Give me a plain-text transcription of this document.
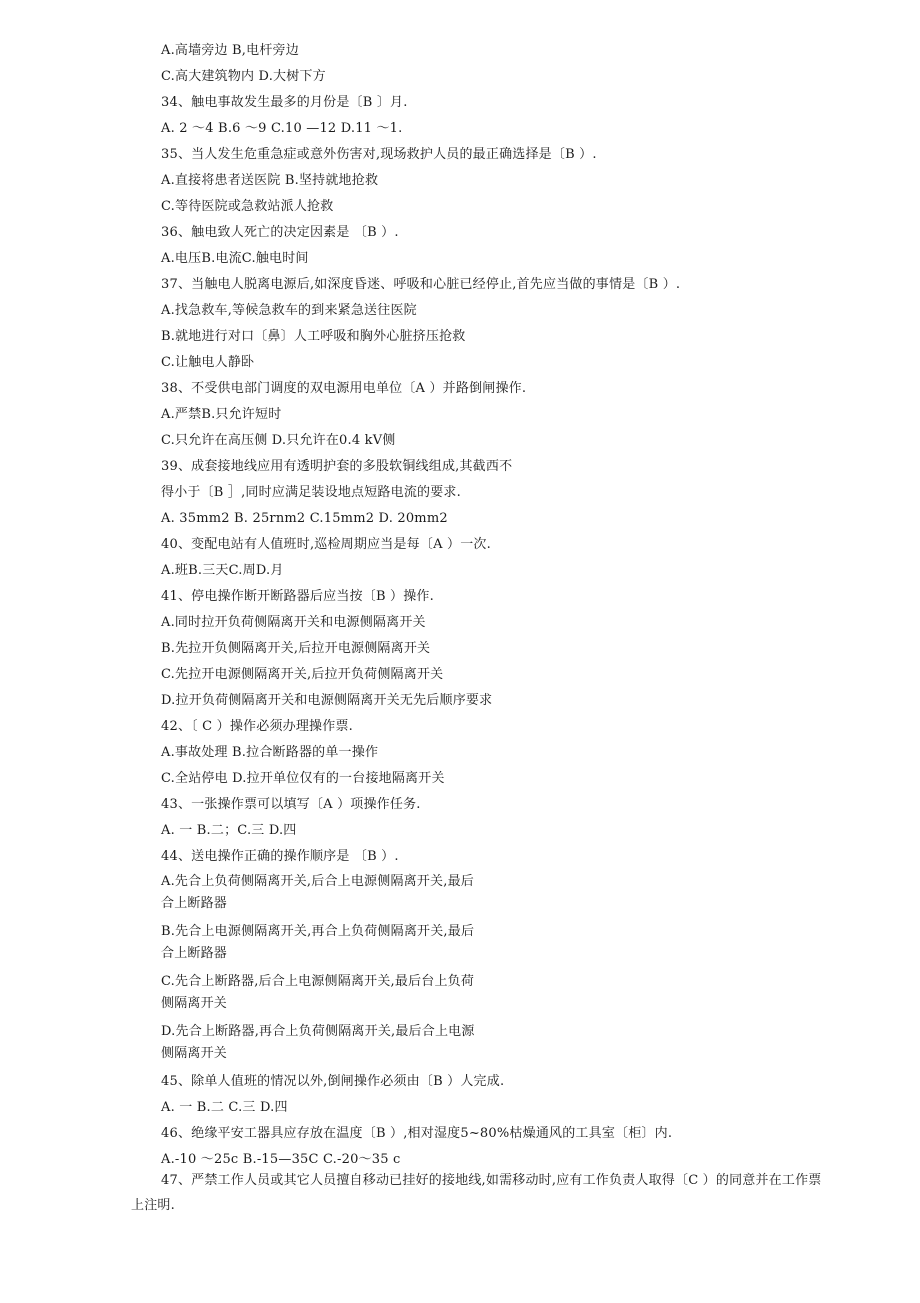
A.高墙旁边 B,电杆旁边
C.高大建筑物内 D.大树下方
34、触电事故发生最多的月份是〔B 〕月.
A. 2 ～4 B.6 ～9 C.10 —12 D.11 ～1.
35、当人发生危重急症或意外伤害对,现场救护人员的最正确选择是〔B ）.
A.直接将患者送医院 B.坚持就地抢救
C.等待医院或急救站派人抢救
36、触电致人死亡的决定因素是 〔B ）.
A.电压B.电流C.触电时间
37、当触电人脱离电源后,如深度昏迷、呼吸和心脏已经停止,首先应当做的事情是〔B ）.
A.找急救车,等候急救车的到来紧急送往医院
B.就地进行对口〔鼻〕人工呼吸和胸外心脏挤压抢救
C.让触电人静卧
38、不受供电部门调度的双电源用电单位〔A ）并路倒闸操作.
A.严禁B.只允许短时
C.只允许在高压侧 D.只允许在0.4 kV侧
39、成套接地线应用有透明护套的多股软铜线组成,其截西不
得小于〔B ］,同时应满足装设地点短路电流的要求.
A. 35mm2 B. 25rnm2 C.15mm2 D. 20mm2
40、变配电站有人值班时,巡检周期应当是每〔A ）一次.
A.班B.三天C.周D.月
41、停电操作断开断路器后应当按〔B ）操作.
A.同时拉开负荷侧隔离开关和电源侧隔离开关
B.先拉开负侧隔离开关,后拉开电源侧隔离开关
C.先拉开电源侧隔离开关,后拉开负荷侧隔离开关
D.拉开负荷侧隔离开关和电源侧隔离开关无先后顺序要求
42、〔 C ）操作必须办理操作票.
A.事故处理 B.拉合断路器的单一操作
C.全站停电 D.拉开单位仅有的一台接地隔离开关
43、一张操作票可以填写〔A ）项操作任务.
A. 一 B.二；C.三 D.四
44、送电操作正确的操作顺序是 〔B ）.
A.先合上负荷侧隔离开关,后合上电源侧隔离开关,最后
合上断路器
B.先合上电源侧隔离开关,再合上负荷侧隔离开关,最后
合上断路器
C.先合上断路器,后合上电源侧隔离开关,最后台上负荷
侧隔离开关
D.先合上断路器,再合上负荷侧隔离开关,最后合上电源
侧隔离开关
45、除单人值班的情况以外,倒闸操作必须由〔B ）人完成.
A. 一 B.二 C.三 D.四
46、绝缘平安工器具应存放在温度〔B ）,相对湿度5~80%枯燥通风的工具室〔柜〕内.
A.-10 ～25c B.-15—35C C.-20～35 c
47、严禁工作人员或其它人员擅自移动已挂好的接地线,如需移动时,应有工作负责人取得〔C ）的同意并在工作票上注明.
